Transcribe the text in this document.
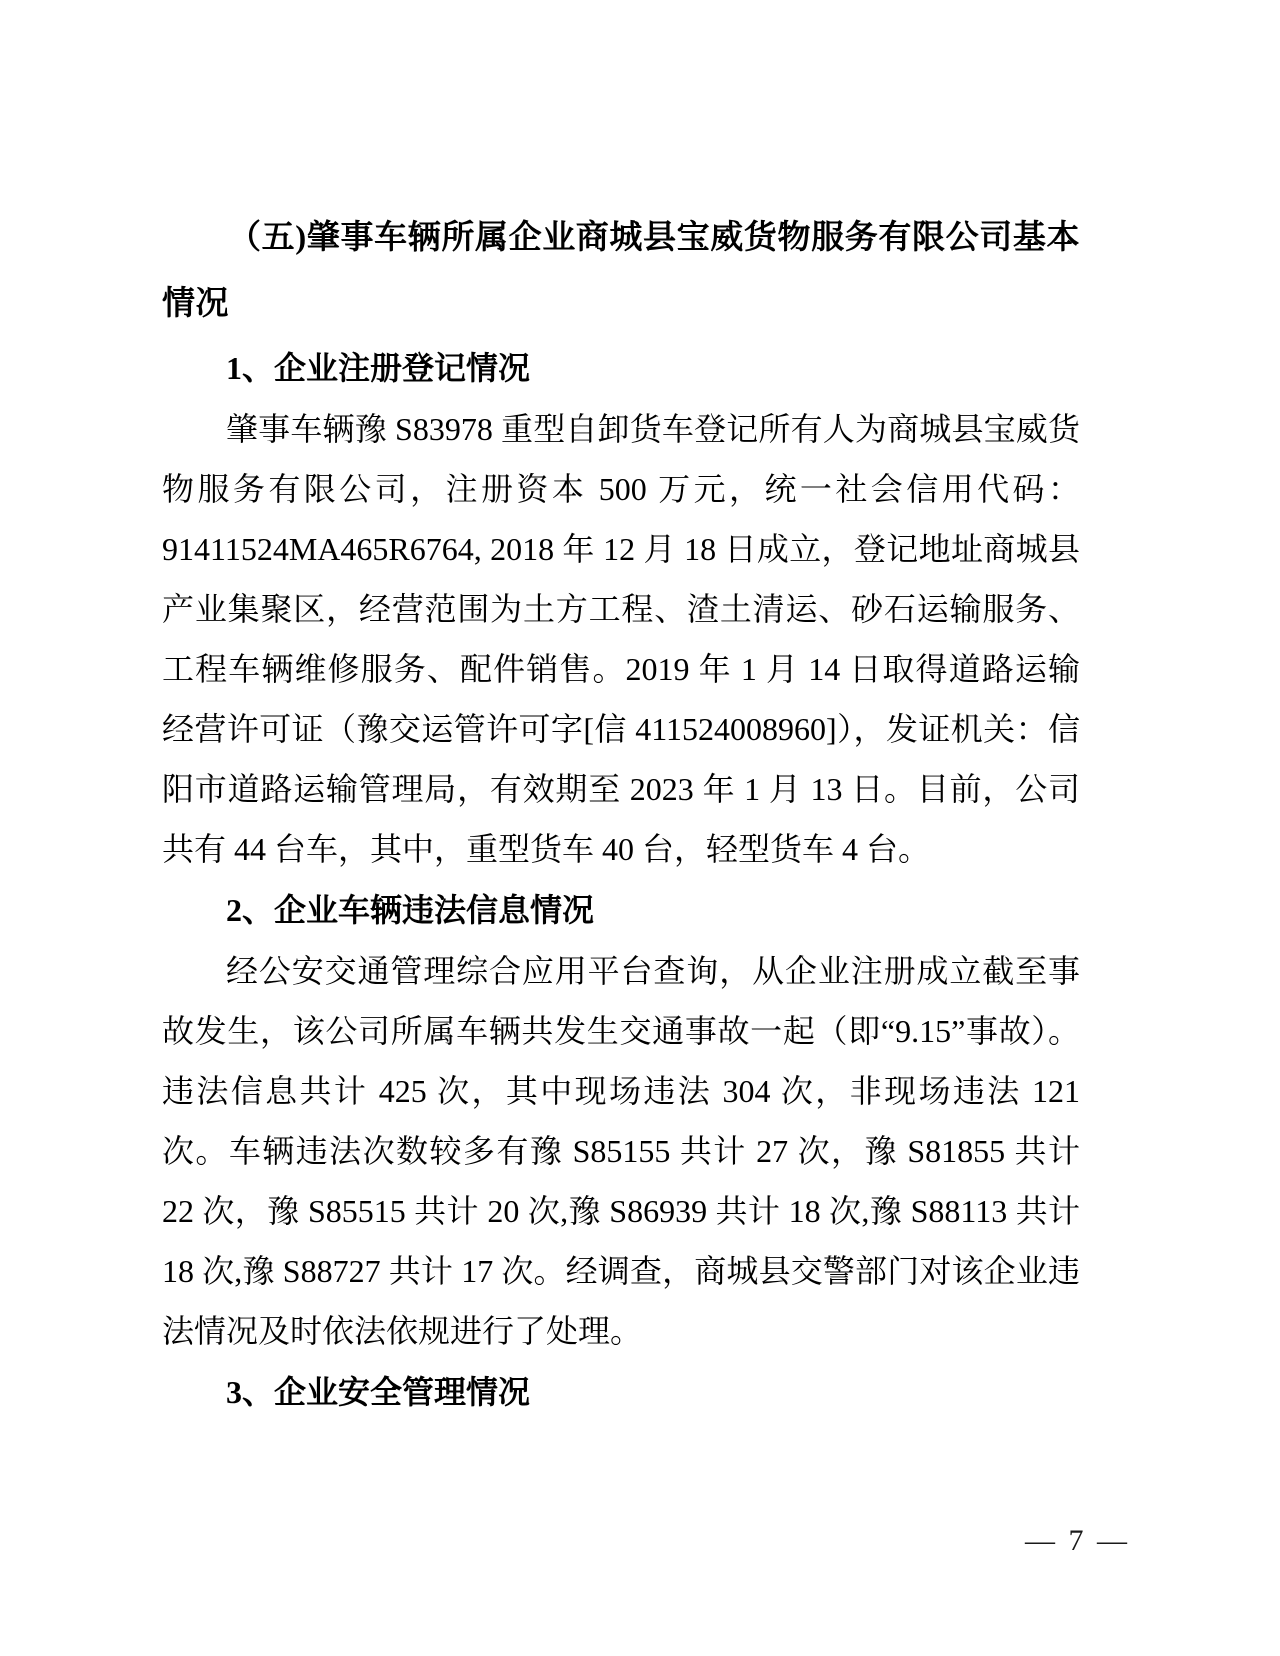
（五)肇事车辆所属企业商城县宝威货物服务有限公司基本情况
1、企业注册登记情况

肇事车辆豫 S83978 重型自卸货车登记所有人为商城县宝威货物服务有限公司，注册资本 500 万元，统一社会信用代码：91411524MA465R6764, 2018 年 12 月 18 日成立，登记地址商城县产业集聚区，经营范围为土方工程、渣土清运、砂石运输服务、工程车辆维修服务、配件销售。2019 年 1 月 14 日取得道路运输经营许可证（豫交运管许可字[信 411524008960]），发证机关：信阳市道路运输管理局，有效期至 2023 年 1 月 13 日。目前，公司共有 44 台车，其中，重型货车 40 台，轻型货车 4 台。

2、企业车辆违法信息情况

经公安交通管理综合应用平台查询，从企业注册成立截至事故发生，该公司所属车辆共发生交通事故一起（即“9.15”事故）。违法信息共计 425 次，其中现场违法 304 次，非现场违法 121 次。车辆违法次数较多有豫 S85155 共计 27 次，豫 S81855 共计 22 次，豫 S85515 共计 20 次,豫 S86939 共计 18 次,豫 S88113 共计 18 次,豫 S88727 共计 17 次。经调查，商城县交警部门对该企业违法情况及时依法依规进行了处理。

3、企业安全管理情况
— 7 —
